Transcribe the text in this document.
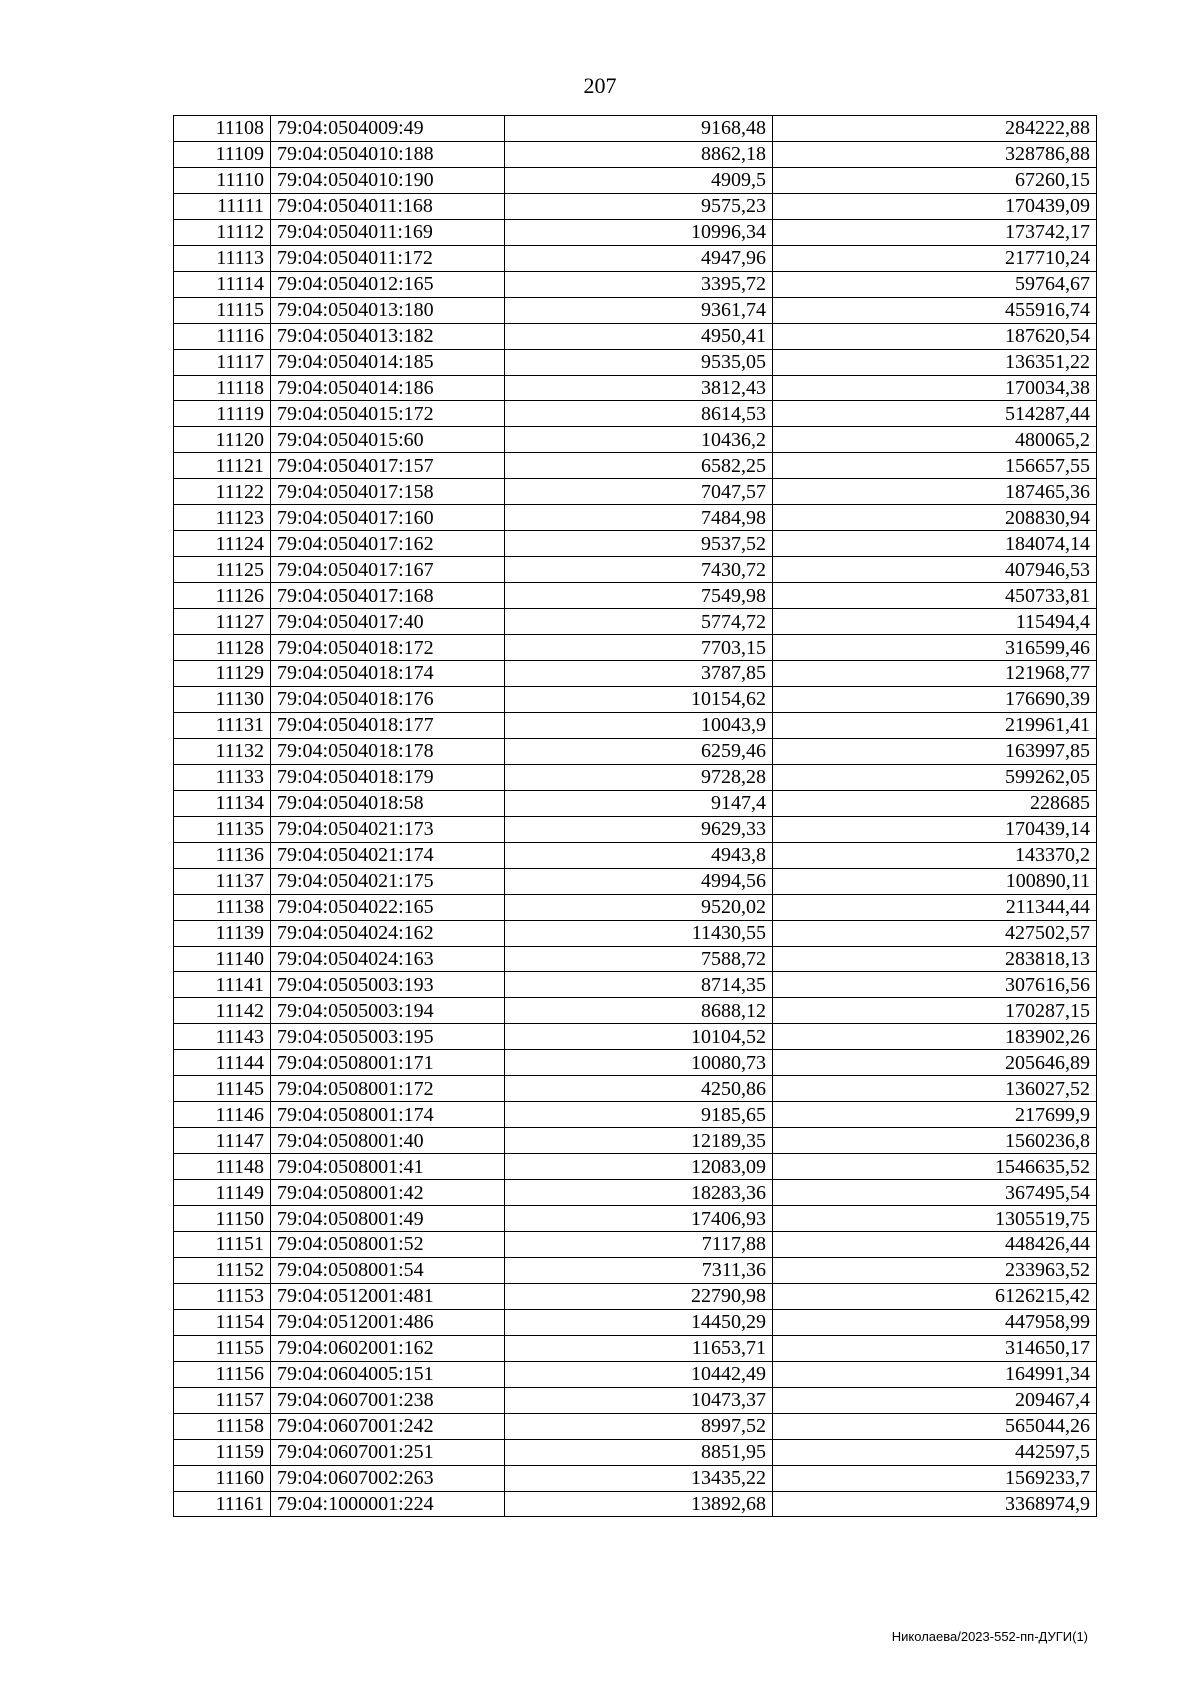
207
11108	79:04:0504009:49	9168,48	284222,88
11109	79:04:0504010:188	8862,18	328786,88
11110	79:04:0504010:190	4909,5	67260,15
11111	79:04:0504011:168	9575,23	170439,09
11112	79:04:0504011:169	10996,34	173742,17
11113	79:04:0504011:172	4947,96	217710,24
11114	79:04:0504012:165	3395,72	59764,67
11115	79:04:0504013:180	9361,74	455916,74
11116	79:04:0504013:182	4950,41	187620,54
11117	79:04:0504014:185	9535,05	136351,22
11118	79:04:0504014:186	3812,43	170034,38
11119	79:04:0504015:172	8614,53	514287,44
11120	79:04:0504015:60	10436,2	480065,2
11121	79:04:0504017:157	6582,25	156657,55
11122	79:04:0504017:158	7047,57	187465,36
11123	79:04:0504017:160	7484,98	208830,94
11124	79:04:0504017:162	9537,52	184074,14
11125	79:04:0504017:167	7430,72	407946,53
11126	79:04:0504017:168	7549,98	450733,81
11127	79:04:0504017:40	5774,72	115494,4
11128	79:04:0504018:172	7703,15	316599,46
11129	79:04:0504018:174	3787,85	121968,77
11130	79:04:0504018:176	10154,62	176690,39
11131	79:04:0504018:177	10043,9	219961,41
11132	79:04:0504018:178	6259,46	163997,85
11133	79:04:0504018:179	9728,28	599262,05
11134	79:04:0504018:58	9147,4	228685
11135	79:04:0504021:173	9629,33	170439,14
11136	79:04:0504021:174	4943,8	143370,2
11137	79:04:0504021:175	4994,56	100890,11
11138	79:04:0504022:165	9520,02	211344,44
11139	79:04:0504024:162	11430,55	427502,57
11140	79:04:0504024:163	7588,72	283818,13
11141	79:04:0505003:193	8714,35	307616,56
11142	79:04:0505003:194	8688,12	170287,15
11143	79:04:0505003:195	10104,52	183902,26
11144	79:04:0508001:171	10080,73	205646,89
11145	79:04:0508001:172	4250,86	136027,52
11146	79:04:0508001:174	9185,65	217699,9
11147	79:04:0508001:40	12189,35	1560236,8
11148	79:04:0508001:41	12083,09	1546635,52
11149	79:04:0508001:42	18283,36	367495,54
11150	79:04:0508001:49	17406,93	1305519,75
11151	79:04:0508001:52	7117,88	448426,44
11152	79:04:0508001:54	7311,36	233963,52
11153	79:04:0512001:481	22790,98	6126215,42
11154	79:04:0512001:486	14450,29	447958,99
11155	79:04:0602001:162	11653,71	314650,17
11156	79:04:0604005:151	10442,49	164991,34
11157	79:04:0607001:238	10473,37	209467,4
11158	79:04:0607001:242	8997,52	565044,26
11159	79:04:0607001:251	8851,95	442597,5
11160	79:04:0607002:263	13435,22	1569233,7
11161	79:04:1000001:224	13892,68	3368974,9
Николаева/2023-552-пп-ДУГИ(1)
